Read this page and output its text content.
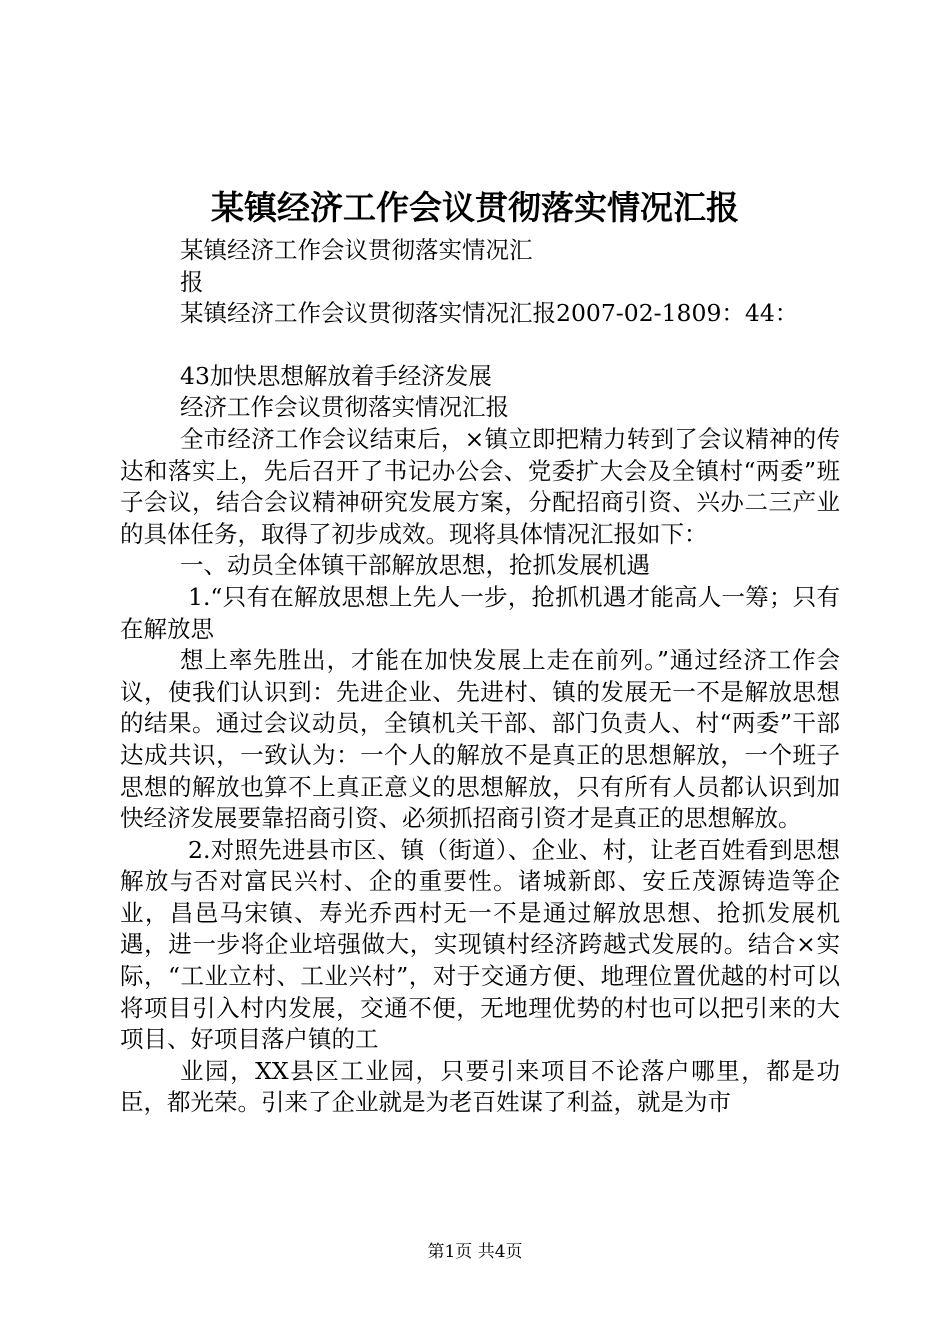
某镇经济工作会议贯彻落实情况汇报

某镇经济工作会议贯彻落实情况汇

报

某镇经济工作会议贯彻落实情况汇报2007-02-1809：44：

43加快思想解放着手经济发展

经济工作会议贯彻落实情况汇报

全市经济工作会议结束后，×镇立即把精力转到了会议精神的传达和落实上，先后召开了书记办公会、党委扩大会及全镇村“两委”班子会议，结合会议精神研究发展方案，分配招商引资、兴办二三产业的具体任务，取得了初步成效。现将具体情况汇报如下：

一、动员全体镇干部解放思想，抢抓发展机遇

1.“只有在解放思想上先人一步，抢抓机遇才能高人一筹；只有在解放思

想上率先胜出，才能在加快发展上走在前列。”通过经济工作会议，使我们认识到：先进企业、先进村、镇的发展无一不是解放思想的结果。通过会议动员，全镇机关干部、部门负责人、村“两委”干部达成共识，一致认为：一个人的解放不是真正的思想解放，一个班子思想的解放也算不上真正意义的思想解放，只有所有人员都认识到加快经济发展要靠招商引资、必须抓招商引资才是真正的思想解放。

2.对照先进县市区、镇（街道）、企业、村，让老百姓看到思想解放与否对富民兴村、企的重要性。诸城新郎、安丘茂源铸造等企业，昌邑马宋镇、寿光乔西村无一不是通过解放思想、抢抓发展机遇，进一步将企业培强做大，实现镇村经济跨越式发展的。结合×实际，“工业立村、工业兴村”，对于交通方便、地理位置优越的村可以将项目引入村内发展，交通不便，无地理优势的村也可以把引来的大项目、好项目落户镇的工

业园，XX县区工业园，只要引来项目不论落户哪里，都是功臣，都光荣。引来了企业就是为老百姓谋了利益，就是为市

第1页 共4页
